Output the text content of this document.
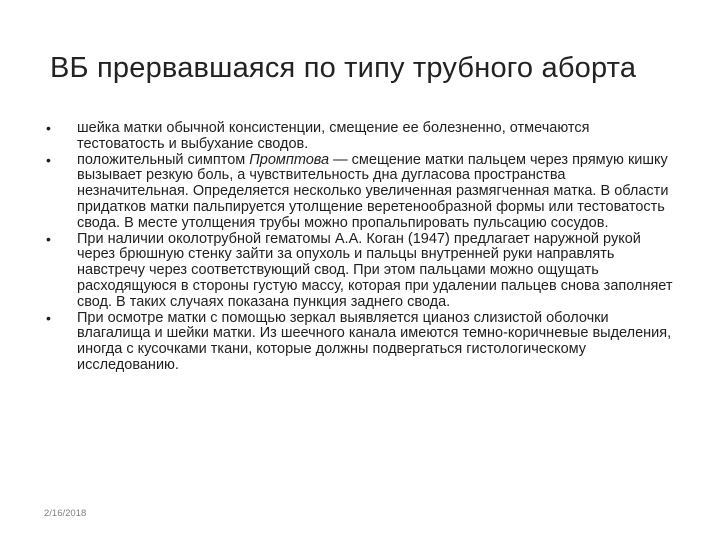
ВБ прервавшаяся по типу трубного аборта
• шейка матки обычной консистенции, смещение ее болезненно, отмечаются тестоватость и выбухание сводов.
• положительный симптом Промптова — смещение матки пальцем через прямую кишку вызывает резкую боль, а чувствительность дна дугласова пространства незначительная. Определяется несколько увеличенная размягченная матка. В области придатков матки пальпируется утолщение веретенообразной формы или тестоватость свода. В месте утолщения трубы можно пропальпировать пульсацию сосудов.
• При наличии околотрубной гематомы А.А. Коган (1947) предлагает наружной рукой через брюшную стенку зайти за опухоль и пальцы внутренней руки направлять навстречу через соответствующий свод. При этом пальцами можно ощущать расходящуюся в стороны густую массу, которая при удалении пальцев снова заполняет свод. В таких случаях показана пункция заднего свода.
• При осмотре матки с помощью зеркал выявляется цианоз слизистой оболочки влагалища и шейки матки. Из шеечного канала имеются темно-коричневые выделения, иногда с кусочками ткани, которые должны подвергаться гистологическому исследованию.
2/16/2018
